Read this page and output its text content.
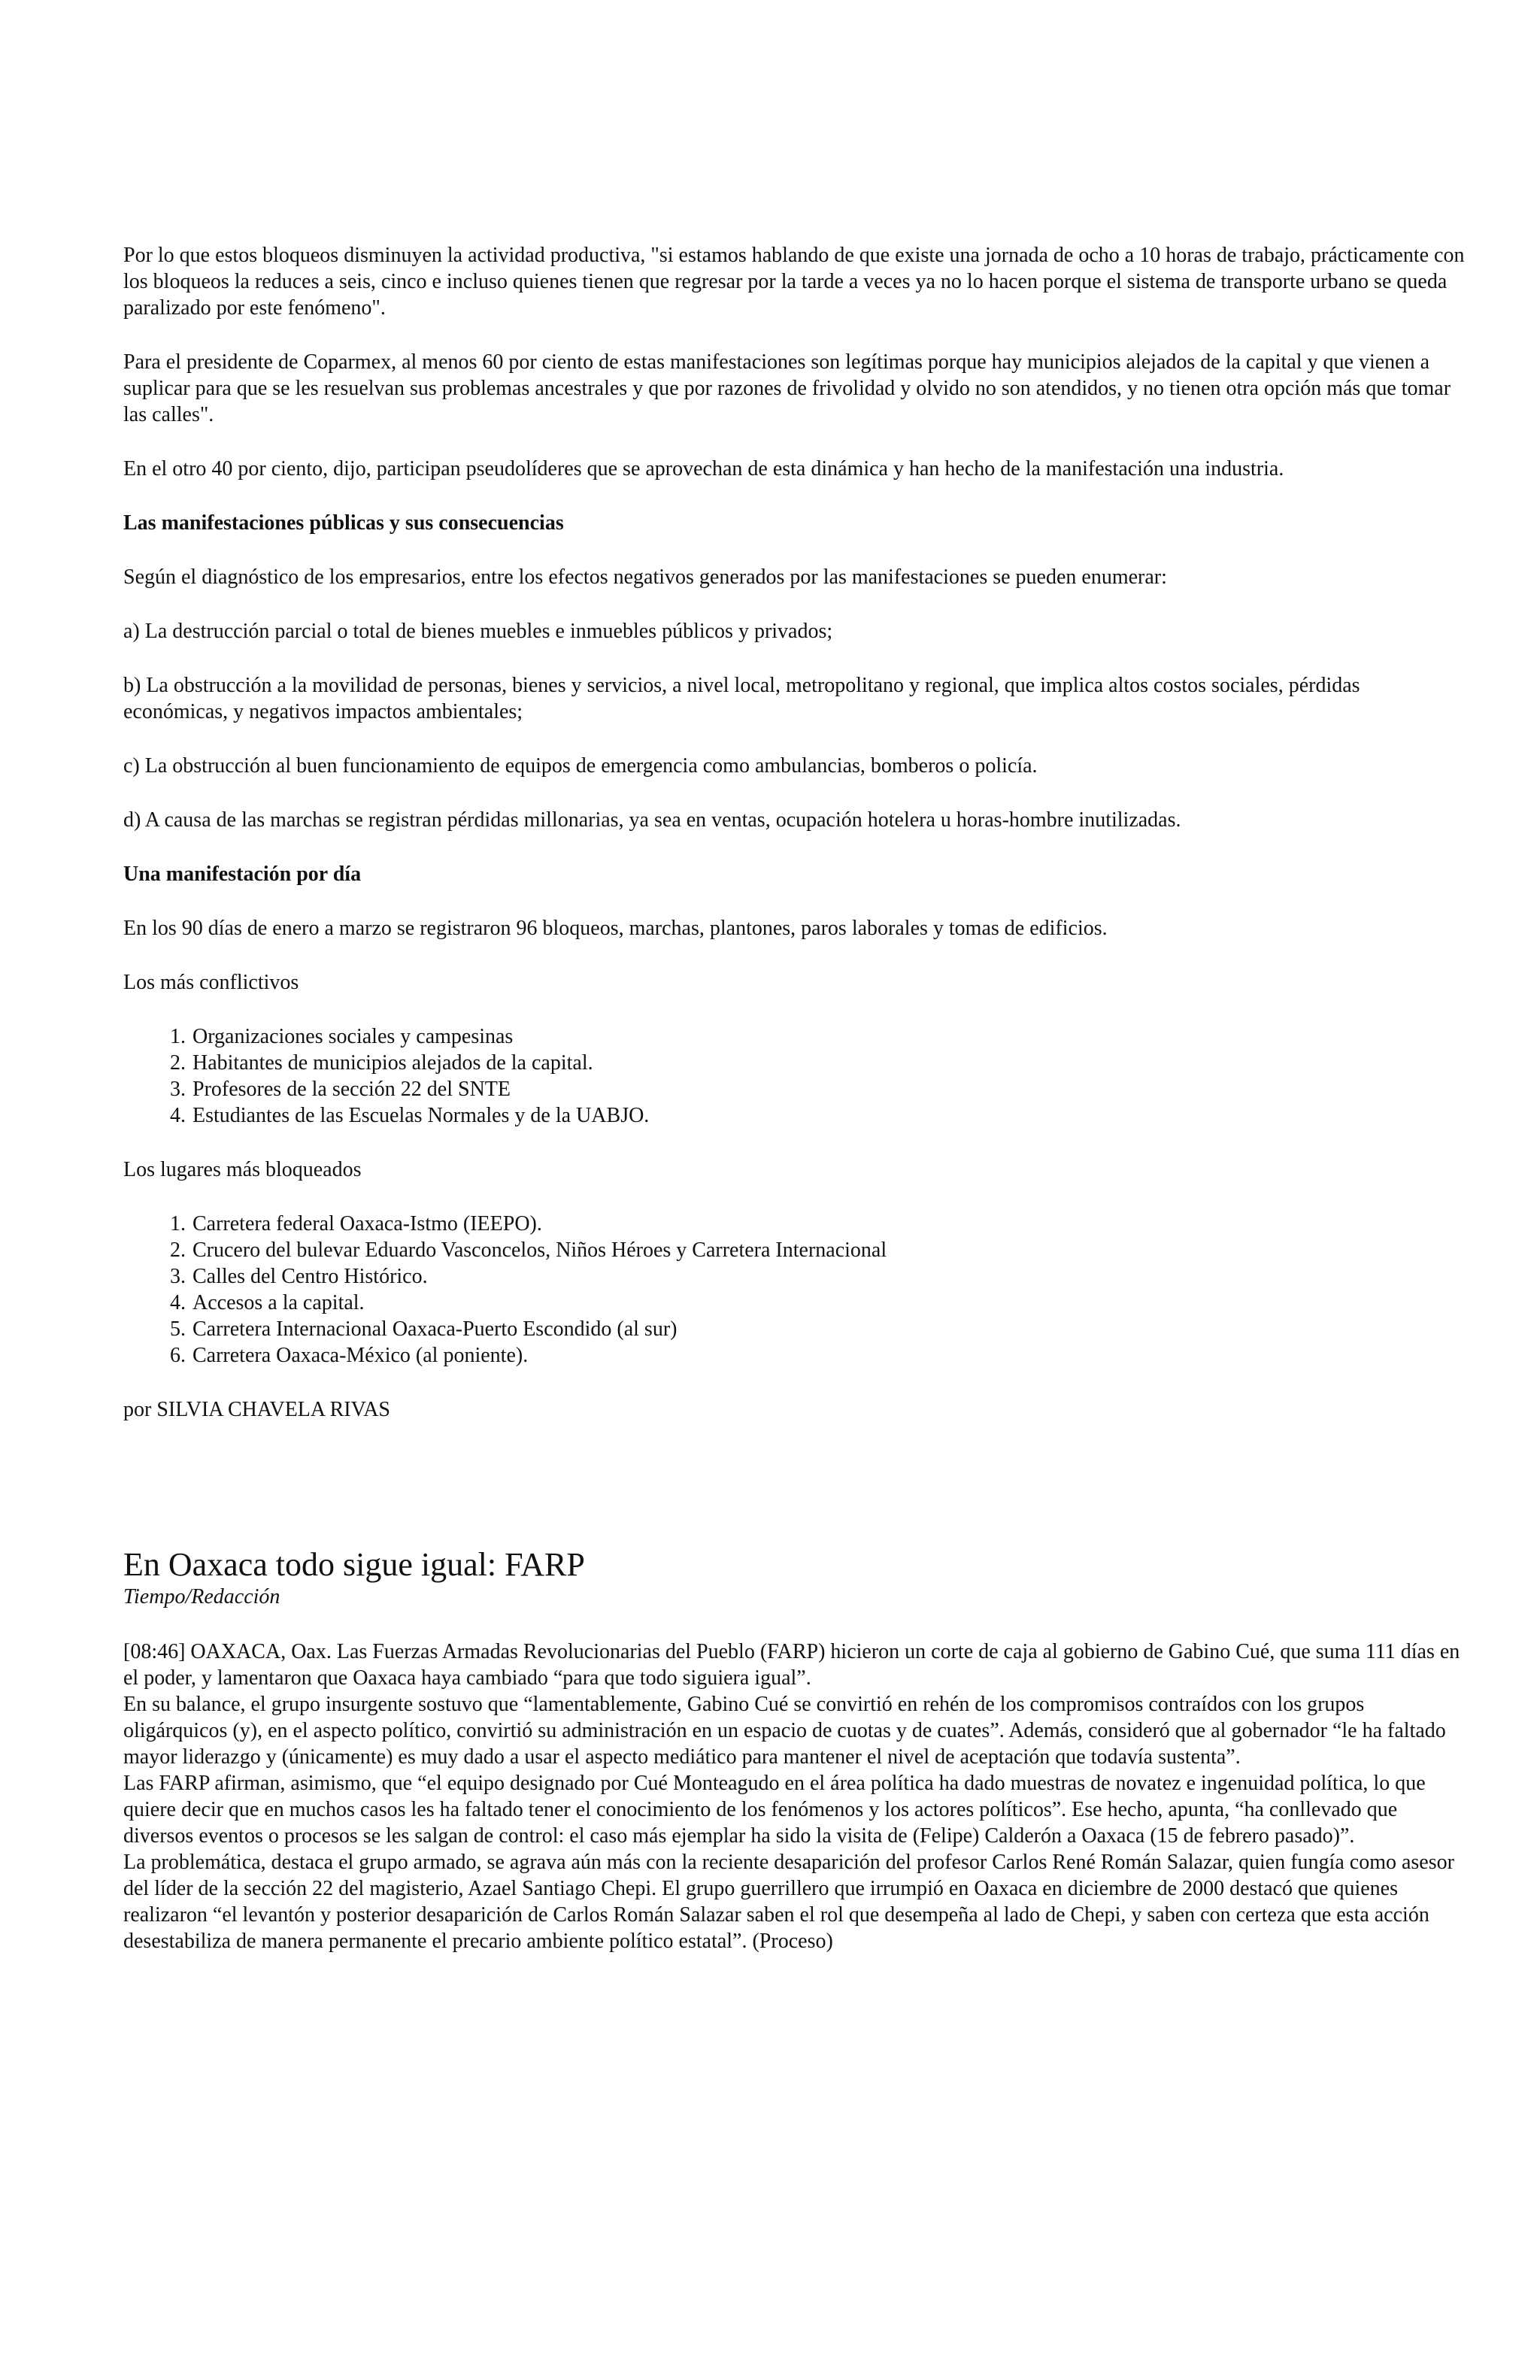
Por lo que estos bloqueos disminuyen la actividad productiva, "si estamos hablando de que existe una jornada de ocho a 10 horas de trabajo, prácticamente con los bloqueos la reduces a seis, cinco e incluso quienes tienen que regresar por la tarde a veces ya no lo hacen porque el sistema de transporte urbano se queda paralizado por este fenómeno".

Para el presidente de Coparmex, al menos 60 por ciento de estas manifestaciones son legítimas porque hay municipios alejados de la capital y que vienen a suplicar para que se les resuelvan sus problemas ancestrales y que por razones de frivolidad y olvido no son atendidos, y no tienen otra opción más que tomar las calles".

En el otro 40 por ciento, dijo, participan pseudolíderes que se aprovechan de esta dinámica y han hecho de la manifestación una industria.

Las manifestaciones públicas y sus consecuencias

Según el diagnóstico de los empresarios, entre los efectos negativos generados por las manifestaciones se pueden enumerar:

a) La destrucción parcial o total de bienes muebles e inmuebles públicos y privados;

b) La obstrucción a la movilidad de personas, bienes y servicios, a nivel local, metropolitano y regional, que implica altos costos sociales, pérdidas económicas, y negativos impactos ambientales;

c) La obstrucción al buen funcionamiento de equipos de emergencia como ambulancias, bomberos o policía.

d) A causa de las marchas se registran pérdidas millonarias, ya sea en ventas, ocupación hotelera u horas-hombre inutilizadas.

Una manifestación por día

En los 90 días de enero a marzo se registraron 96 bloqueos, marchas, plantones, paros laborales y tomas de edificios.

Los más conflictivos

1. Organizaciones sociales y campesinas
2. Habitantes de municipios alejados de la capital.
3. Profesores de la sección 22 del SNTE
4. Estudiantes de las Escuelas Normales y de la UABJO.

Los lugares más bloqueados

1. Carretera federal Oaxaca-Istmo (IEEPO).
2. Crucero del bulevar Eduardo Vasconcelos, Niños Héroes y Carretera Internacional
3. Calles del Centro Histórico.
4. Accesos a la capital.
5. Carretera Internacional Oaxaca-Puerto Escondido (al sur)
6. Carretera Oaxaca-México (al poniente).

por SILVIA CHAVELA RIVAS

En Oaxaca todo sigue igual: FARP
Tiempo/Redacción
[08:46] OAXACA, Oax. Las Fuerzas Armadas Revolucionarias del Pueblo (FARP) hicieron un corte de caja al gobierno de Gabino Cué, que suma 111 días en el poder, y lamentaron que Oaxaca haya cambiado “para que todo siguiera igual”.
En su balance, el grupo insurgente sostuvo que “lamentablemente, Gabino Cué se convirtió en rehén de los compromisos contraídos con los grupos oligárquicos (y), en el aspecto político, convirtió su administración en un espacio de cuotas y de cuates”. Además, consideró que al gobernador “le ha faltado mayor liderazgo y (únicamente) es muy dado a usar el aspecto mediático para mantener el nivel de aceptación que todavía sustenta”.
Las FARP afirman, asimismo, que “el equipo designado por Cué Monteagudo en el área política ha dado muestras de novatez e ingenuidad política, lo que quiere decir que en muchos casos les ha faltado tener el conocimiento de los fenómenos y los actores políticos”. Ese hecho, apunta, “ha conllevado que diversos eventos o procesos se les salgan de control: el caso más ejemplar ha sido la visita de (Felipe) Calderón a Oaxaca (15 de febrero pasado)”.
La problemática, destaca el grupo armado, se agrava aún más con la reciente desaparición del profesor Carlos René Román Salazar, quien fungía como asesor del líder de la sección 22 del magisterio, Azael Santiago Chepi. El grupo guerrillero que irrumpió en Oaxaca en diciembre de 2000 destacó que quienes realizaron “el levantón y posterior desaparición de Carlos Román Salazar saben el rol que desempeña al lado de Chepi, y saben con certeza que esta acción desestabiliza de manera permanente el precario ambiente político estatal”. (Proceso)
